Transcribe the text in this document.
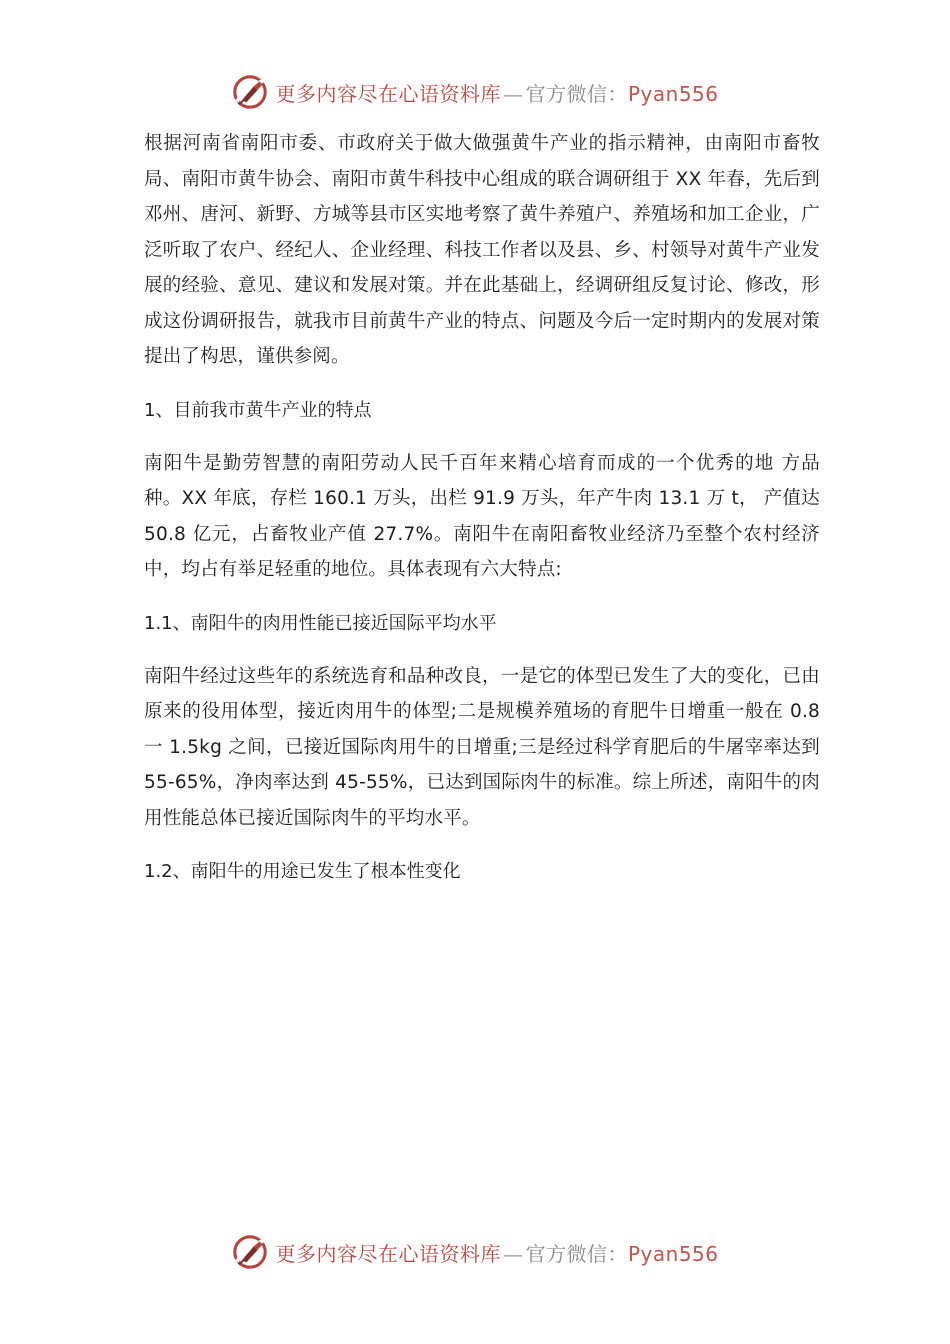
更多内容尽在心语资料库 — 官方微信：Pyan556

根据河南省南阳市委、市政府关于做大做强黄牛产业的指示精神，由南阳市畜牧局、南阳市黄牛协会、南阳市黄牛科技中心组成的联合调研组于 XX 年春，先后到邓州、唐河、新野、方城等县市区实地考察了黄牛养殖户、养殖场和加工企业，广泛听取了农户、经纪人、企业经理、科技工作者以及县、乡、村领导对黄牛产业发展的经验、意见、建议和发展对策。并在此基础上，经调研组反复讨论、修改，形成这份调研报告，就我市目前黄牛产业的特点、问题及今后一定时期内的发展对策提出了构思，谨供参阅。

1、目前我市黄牛产业的特点

南阳牛是勤劳智慧的南阳劳动人民千百年来精心培育而成的一个优秀的地 方品种。XX 年底，存栏 160.1 万头，出栏 91.9 万头，年产牛肉 13.1 万 t， 产值达 50.8 亿元，占畜牧业产值 27.7%。南阳牛在南阳畜牧业经济乃至整个农村经济中，均占有举足轻重的地位。具体表现有六大特点:

1.1、南阳牛的肉用性能已接近国际平均水平

南阳牛经过这些年的系统选育和品种改良，一是它的体型已发生了大的变化，已由原来的役用体型，接近肉用牛的体型;二是规模养殖场的育肥牛日增重一般在 0.8 一 1.5kg 之间，已接近国际肉用牛的日增重;三是经过科学育肥后的牛屠宰率达到 55-65%，净肉率达到 45-55%，已达到国际肉牛的标准。综上所述，南阳牛的肉用性能总体已接近国际肉牛的平均水平。

1.2、南阳牛的用途已发生了根本性变化

更多内容尽在心语资料库 — 官方微信：Pyan556
